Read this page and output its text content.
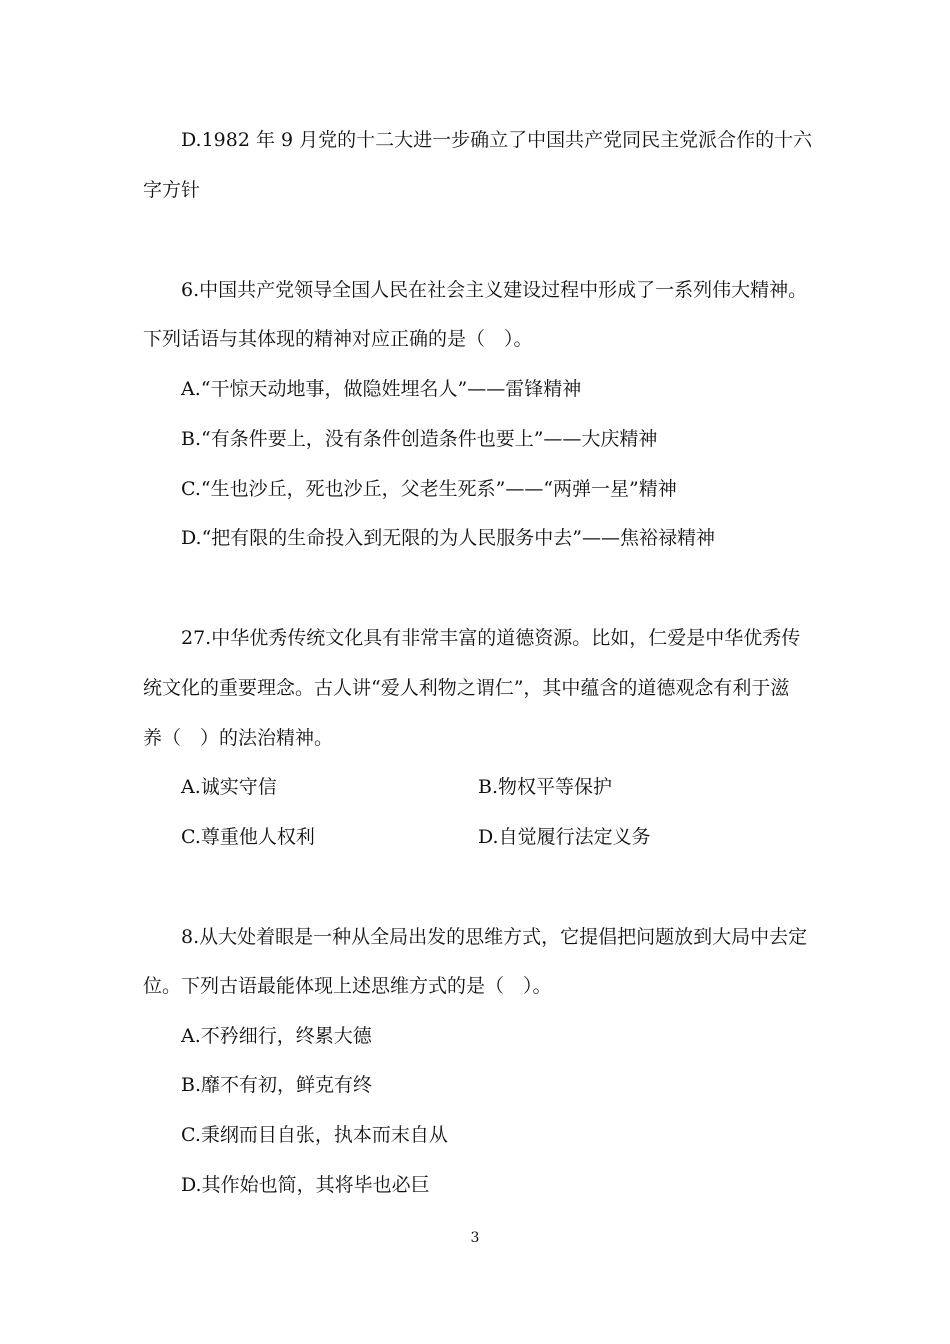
D.1982 年 9 月党的十二大进一步确立了中国共产党同民主党派合作的十六
字方针
6.中国共产党领导全国人民在社会主义建设过程中形成了一系列伟大精神。
下列话语与其体现的精神对应正确的是（　）。
A.“干惊天动地事，做隐姓埋名人”——雷锋精神
B.“有条件要上，没有条件创造条件也要上”——大庆精神
C.“生也沙丘，死也沙丘，父老生死系”——“两弹一星”精神
D.“把有限的生命投入到无限的为人民服务中去”——焦裕禄精神
27.中华优秀传统文化具有非常丰富的道德资源。比如，仁爱是中华优秀传
统文化的重要理念。古人讲“爱人利物之谓仁”，其中蕴含的道德观念有利于滋
养（　）的法治精神。
A.诚实守信	B.物权平等保护
C.尊重他人权利	D.自觉履行法定义务
8.从大处着眼是一种从全局出发的思维方式，它提倡把问题放到大局中去定
位。下列古语最能体现上述思维方式的是（　）。
A.不矜细行，终累大德
B.靡不有初，鲜克有终
C.秉纲而目自张，执本而末自从
D.其作始也简，其将毕也必巨
3
